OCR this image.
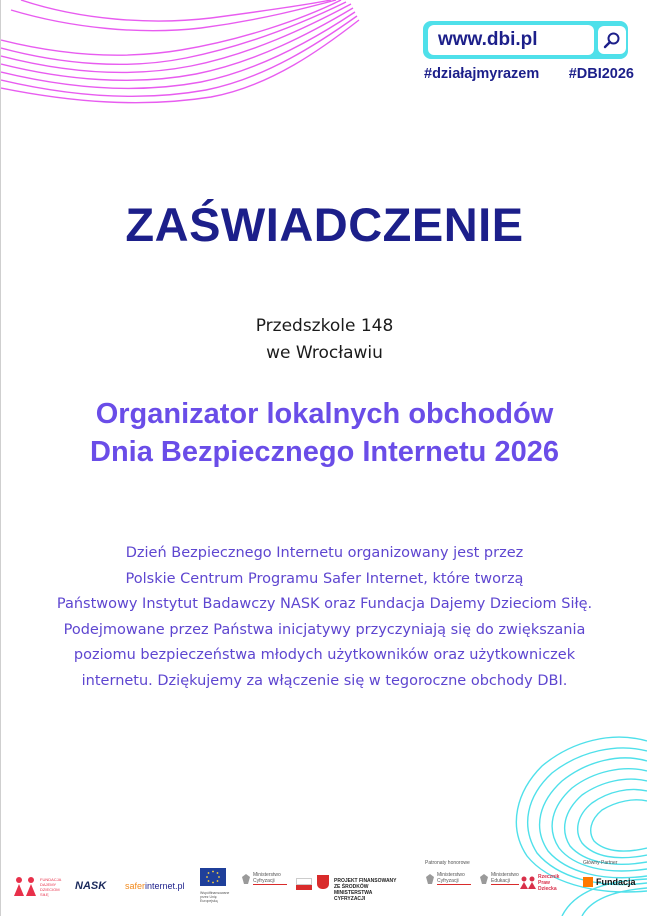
www.dbi.pl
#działajmyrazem #DBI2026
ZAŚWIADCZENIE
Przedszkole 148
we Wrocławiu
Organizator lokalnych obchodów
Dnia Bezpiecznego Internetu 2026
Dzień Bezpiecznego Internetu organizowany jest przez
Polskie Centrum Programu Safer Internet, które tworzą
Państwowy Instytut Badawczy NASK oraz Fundacja Dajemy Dzieciom Siłę.
Podejmowane przez Państwa inicjatywy przyczyniają się do zwiększania
poziomu bezpieczeństwa młodych użytkowników oraz użytkowniczek
internetu. Dziękujemy za włączenie się w tegoroczne obchody DBI.
FUNDACJA DAJEMY DZIECIOM SIŁĘ
NASK saferinternet.pl
Współfinansowane przez Unię Europejską
Ministerstwo Cyfryzacji	PROJEKT FINANSOWANY ZE ŚRODKÓW MINISTERSTWA CYFRYZACJI
Patronaty honorowe
Ministerstwo Cyfryzacji
Ministerstwo Edukacji
Rzecznik Praw Dziecka
Główny Partner
Fundacja
